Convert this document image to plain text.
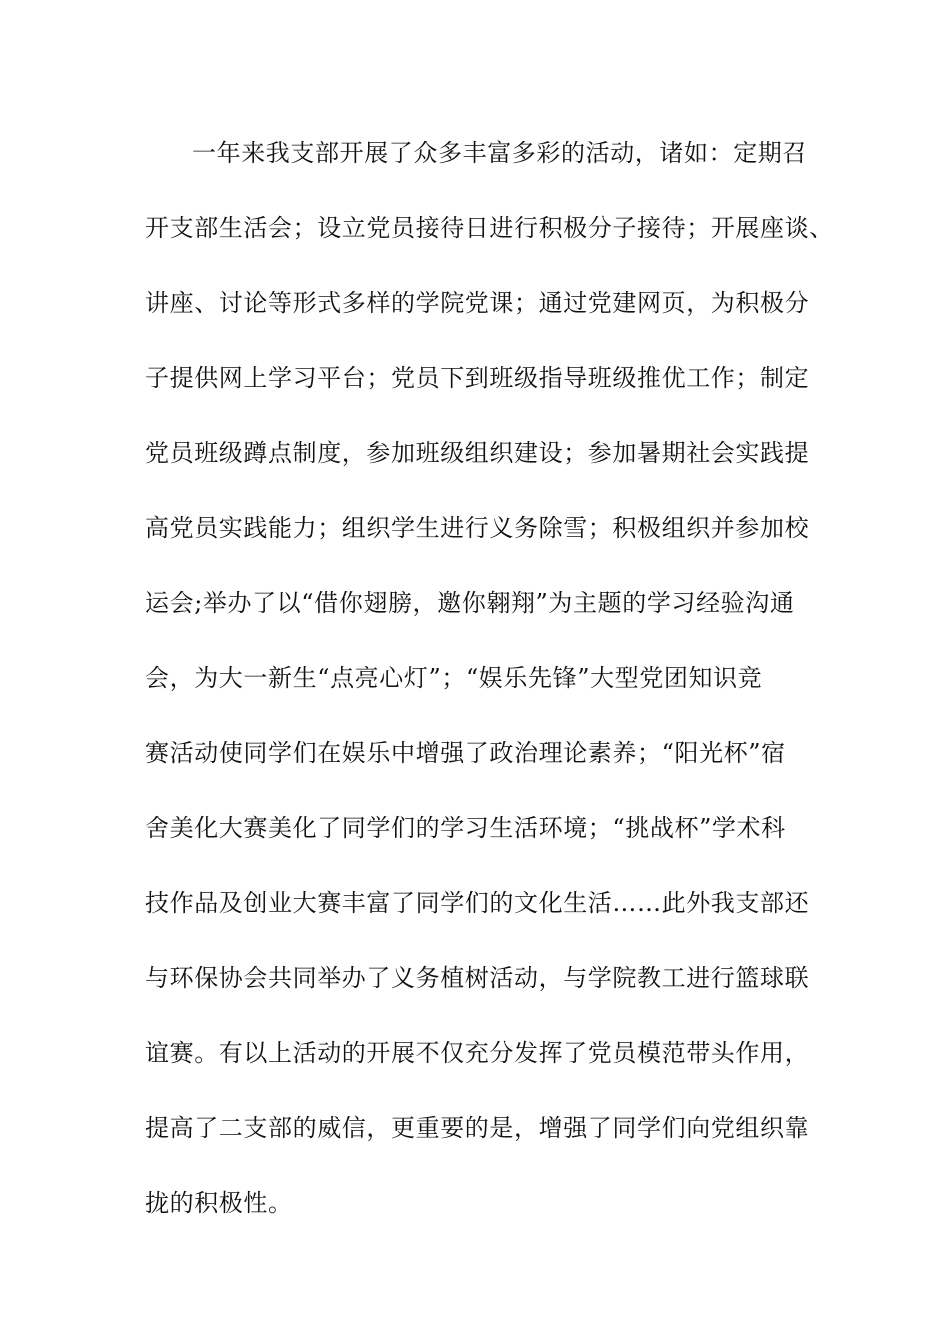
一年来我支部开展了众多丰富多彩的活动，诸如：定期召
开支部生活会；设立党员接待日进行积极分子接待；开展座谈、
讲座、讨论等形式多样的学院党课；通过党建网页，为积极分
子提供网上学习平台；党员下到班级指导班级推优工作；制定
党员班级蹲点制度，参加班级组织建设；参加暑期社会实践提
高党员实践能力；组织学生进行义务除雪；积极组织并参加校
运会;举办了以“借你翅膀，邀你翱翔”为主题的学习经验沟通
会，为大一新生“点亮心灯”；“娱乐先锋”大型党团知识竞
赛活动使同学们在娱乐中增强了政治理论素养；“阳光杯”宿
舍美化大赛美化了同学们的学习生活环境；“挑战杯”学术科
技作品及创业大赛丰富了同学们的文化生活……此外我支部还
与环保协会共同举办了义务植树活动，与学院教工进行篮球联
谊赛。有以上活动的开展不仅充分发挥了党员模范带头作用，
提高了二支部的威信，更重要的是，增强了同学们向党组织靠
拢的积极性。
